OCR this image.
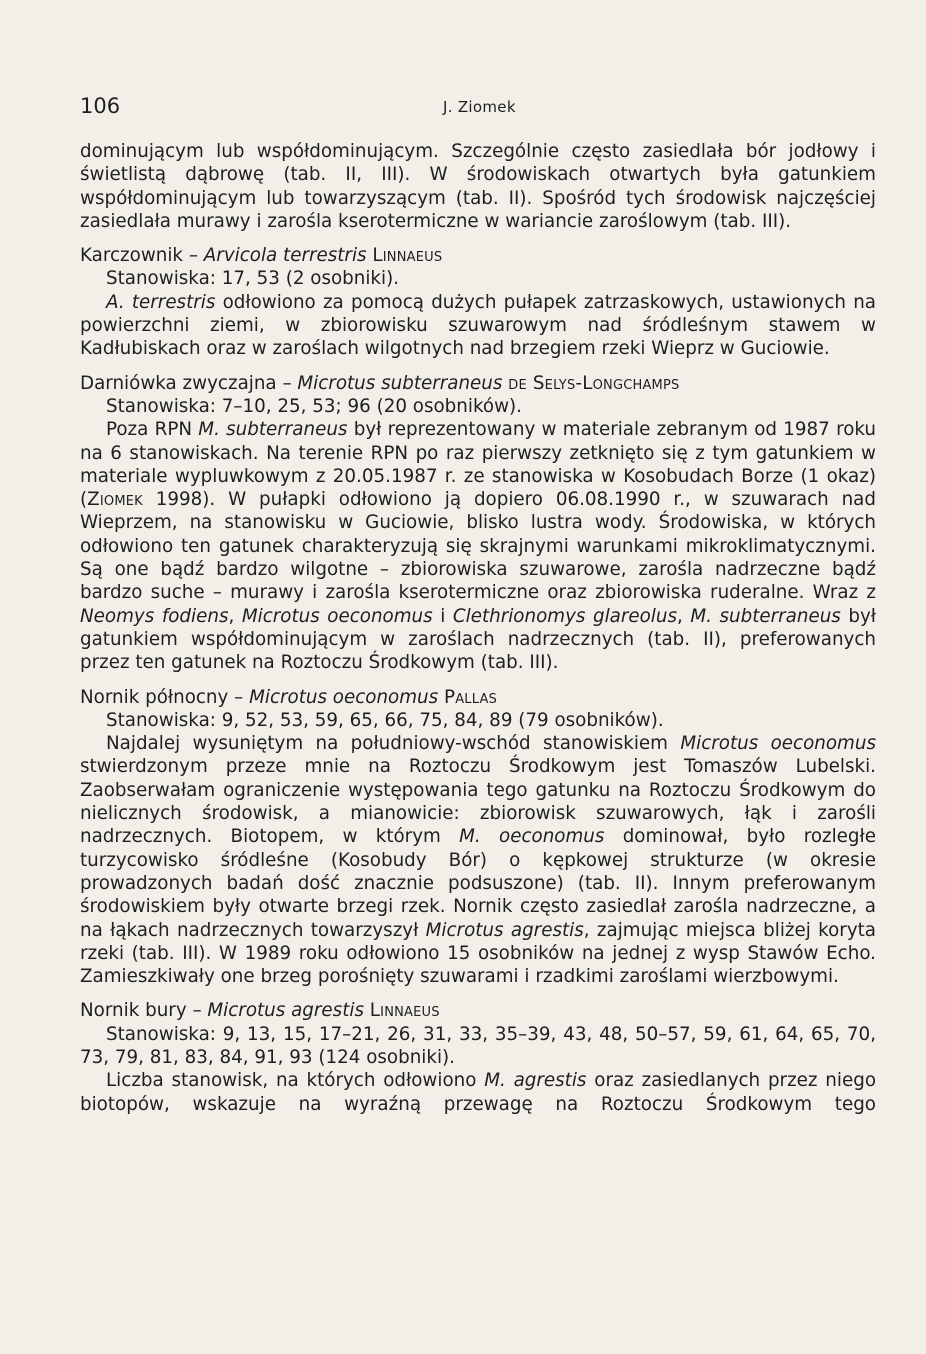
106	J. Ziomek

dominującym lub współdominującym. Szczególnie często zasiedlała bór jodłowy i świetlistą dąbrowę (tab. II, III). W środowiskach otwartych była gatunkiem współdominującym lub towarzyszącym (tab. II). Spośród tych środowisk najczęściej zasiedlała murawy i zarośla kserotermiczne w wariancie zaroślowym (tab. III).

Karczownik – Arvicola terrestris Linnaeus

Stanowiska: 17, 53 (2 osobniki).

A. terrestris odłowiono za pomocą dużych pułapek zatrzaskowych, ustawionych na powierzchni ziemi, w zbiorowisku szuwarowym nad śródleśnym stawem w Kadłubiskach oraz w zaroślach wilgotnych nad brzegiem rzeki Wieprz w Guciowie.

Darniówka zwyczajna – Microtus subterraneus de Selys-Longchamps

Stanowiska: 7–10, 25, 53; 96 (20 osobników).

Poza RPN M. subterraneus był reprezentowany w materiale zebranym od 1987 roku na 6 stanowiskach. Na terenie RPN po raz pierwszy zetknięto się z tym gatunkiem w materiale wypluwkowym z 20.05.1987 r. ze stanowiska w Kosobudach Borze (1 okaz) (Ziomek 1998). W pułapki odłowiono ją dopiero 06.08.1990 r., w szuwarach nad Wieprzem, na stanowisku w Guciowie, blisko lustra wody. Środowiska, w których odłowiono ten gatunek charakteryzują się skrajnymi warunkami mikroklimatycznymi. Są one bądź bardzo wilgotne – zbiorowiska szuwarowe, zarośla nadrzeczne bądź bardzo suche – murawy i zarośla kserotermiczne oraz zbiorowiska ruderalne. Wraz z Neomys fodiens, Microtus oeconomus i Clethrionomys glareolus, M. subterraneus był gatunkiem współdominującym w zaroślach nadrzecznych (tab. II), preferowanych przez ten gatunek na Roztoczu Środkowym (tab. III).

Nornik północny – Microtus oeconomus Pallas

Stanowiska: 9, 52, 53, 59, 65, 66, 75, 84, 89 (79 osobników).

Najdalej wysuniętym na południowy-wschód stanowiskiem Microtus oeconomus stwierdzonym przeze mnie na Roztoczu Środkowym jest Tomaszów Lubelski. Zaobserwałam ograniczenie występowania tego gatunku na Roztoczu Środkowym do nielicznych środowisk, a mianowicie: zbiorowisk szuwarowych, łąk i zarośli nadrzecznych. Biotopem, w którym M. oeconomus dominował, było rozległe turzycowisko śródleśne (Kosobudy Bór) o kępkowej strukturze (w okresie prowadzonych badań dość znacznie podsuszone) (tab. II). Innym preferowanym środowiskiem były otwarte brzegi rzek. Nornik często zasiedlał zarośla nadrzeczne, a na łąkach nadrzecznych towarzyszył Microtus agrestis, zajmując miejsca bliżej koryta rzeki (tab. III). W 1989 roku odłowiono 15 osobników na jednej z wysp Stawów Echo. Zamieszkiwały one brzeg porośnięty szuwarami i rzadkimi zaroślami wierzbowymi.

Nornik bury – Microtus agrestis Linnaeus

Stanowiska: 9, 13, 15, 17–21, 26, 31, 33, 35–39, 43, 48, 50–57, 59, 61, 64, 65, 70, 73, 79, 81, 83, 84, 91, 93 (124 osobniki).

Liczba stanowisk, na których odłowiono M. agrestis oraz zasiedlanych przez niego biotopów, wskazuje na wyraźną przewagę na Roztoczu Środkowym tego
